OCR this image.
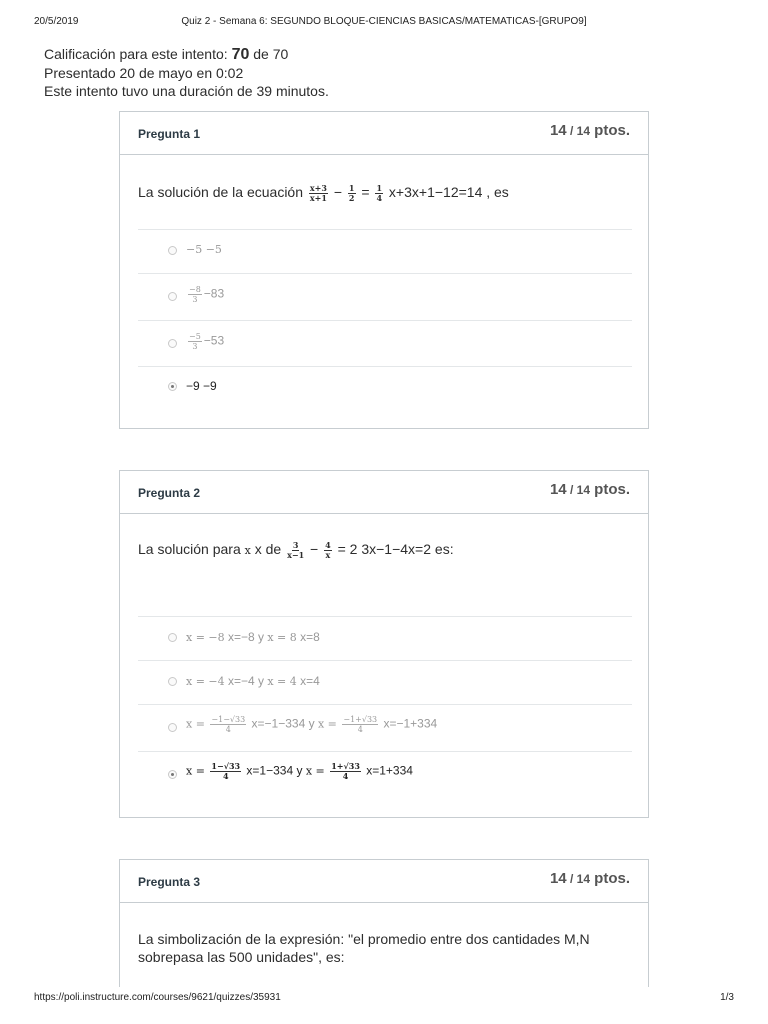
20/5/2019	Quiz 2 - Semana 6: SEGUNDO BLOQUE-CIENCIAS BASICAS/MATEMATICAS-[GRUPO9]
Calificación para este intento: 70 de 70
Presentado 20 de mayo en 0:02
Este intento tuvo una duración de 39 minutos.
Pregunta 1	14 / 14 ptos.
La solución de la ecuación $\frac{x+3}{x+1} - \frac{1}{2} = \frac{1}{4} x+3x+1-12=14$ , es
−5 −5
$\frac{-8}{3} -83$
$\frac{-5}{3} -53$
−9 −9
Pregunta 2	14 / 14 ptos.
La solución para x x de $\frac{3}{x-1} - \frac{4}{x} = 2$ 3x−1−4x=2 es:
x = −8 x=−8 y x = 8 x=8
x = −4 x=−4 y x = 4 x=4
$x = \frac{-1-√33}{4} x=-1-334$ y $x = \frac{-1+√33}{4} x=-1+334$
$x = \frac{1-√33}{4} x=1-334$ y $x = \frac{1+√33}{4} x=1+334$
Pregunta 3	14 / 14 ptos.
La simbolización de la expresión: "el promedio entre dos cantidades M,N
sobrepasa las 500 unidades", es:
https://poli.instructure.com/courses/9621/quizzes/35931	1/3
